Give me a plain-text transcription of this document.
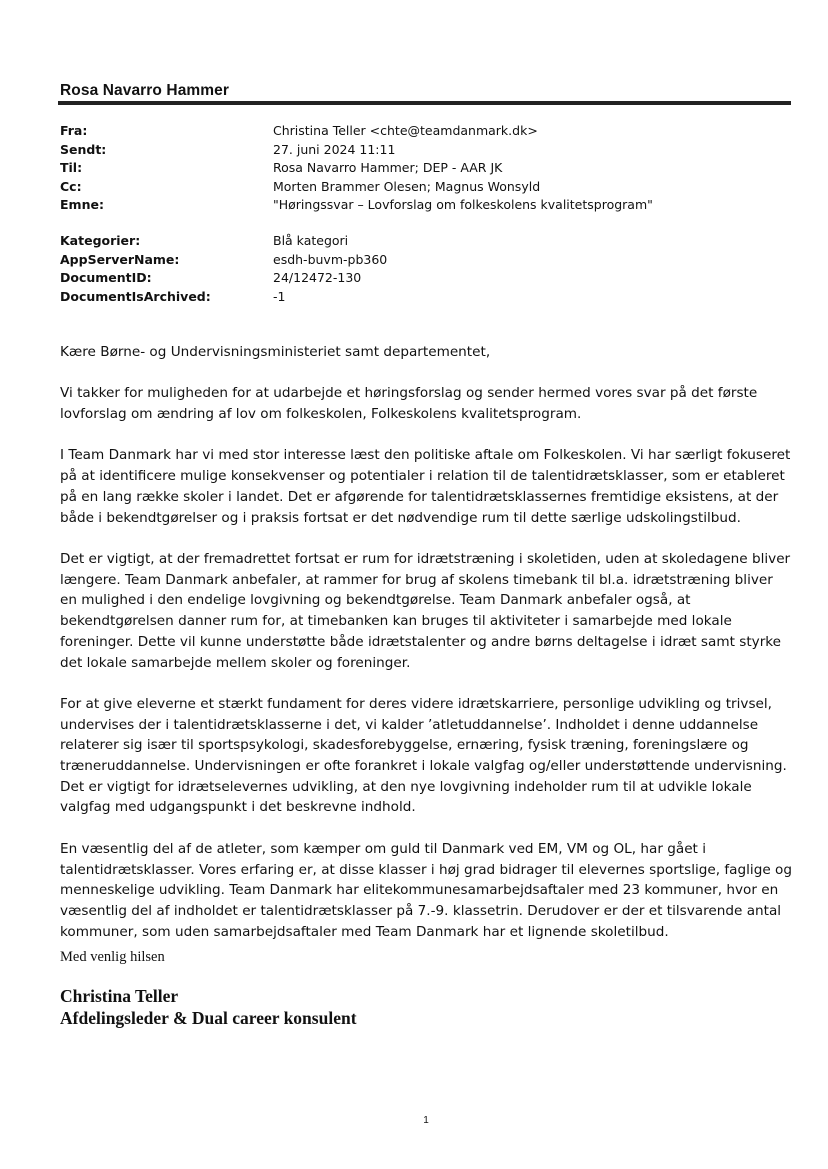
Rosa Navarro Hammer
Fra:	Christina Teller <chte@teamdanmark.dk>
Sendt:	27. juni 2024 11:11
Til:	Rosa Navarro Hammer; DEP - AAR JK
Cc:	Morten Brammer Olesen; Magnus Wonsyld
Emne:	"Høringssvar – Lovforslag om folkeskolens kvalitetsprogram"
Kategorier:	Blå kategori
AppServerName:	esdh-buvm-pb360
DocumentID:	24/12472-130
DocumentIsArchived:	-1

Kære Børne- og Undervisningsministeriet samt departementet,

Vi takker for muligheden for at udarbejde et høringsforslag og sender hermed vores svar på det første
lovforslag om ændring af lov om folkeskolen, Folkeskolens kvalitetsprogram.

I Team Danmark har vi med stor interesse læst den politiske aftale om Folkeskolen. Vi har særligt fokuseret
på at identificere mulige konsekvenser og potentialer i relation til de talentidrætsklasser, som er etableret
på en lang række skoler i landet. Det er afgørende for talentidrætsklassernes fremtidige eksistens, at der
både i bekendtgørelser og i praksis fortsat er det nødvendige rum til dette særlige udskolingstilbud.

Det er vigtigt, at der fremadrettet fortsat er rum for idrætstræning i skoletiden, uden at skoledagene bliver
længere. Team Danmark anbefaler, at rammer for brug af skolens timebank til bl.a. idrætstræning bliver
en mulighed i den endelige lovgivning og bekendtgørelse. Team Danmark anbefaler også, at
bekendtgørelsen danner rum for, at timebanken kan bruges til aktiviteter i samarbejde med lokale
foreninger. Dette vil kunne understøtte både idrætstalenter og andre børns deltagelse i idræt samt styrke
det lokale samarbejde mellem skoler og foreninger.

For at give eleverne et stærkt fundament for deres videre idrætskarriere, personlige udvikling og trivsel,
undervises der i talentidrætsklasserne i det, vi kalder ’atletuddannelse’. Indholdet i denne uddannelse
relaterer sig især til sportspsykologi, skadesforebyggelse, ernæring, fysisk træning, foreningslære og
træneruddannelse. Undervisningen er ofte forankret i lokale valgfag og/eller understøttende undervisning.
Det er vigtigt for idrætselevernes udvikling, at den nye lovgivning indeholder rum til at udvikle lokale
valgfag med udgangspunkt i det beskrevne indhold.

En væsentlig del af de atleter, som kæmper om guld til Danmark ved EM, VM og OL, har gået i
talentidrætsklasser. Vores erfaring er, at disse klasser i høj grad bidrager til elevernes sportslige, faglige og
menneskelige udvikling. Team Danmark har elitekommunesamarbejdsaftaler med 23 kommuner, hvor en
væsentlig del af indholdet er talentidrætsklasser på 7.-9. klassetrin. Derudover er der et tilsvarende antal
kommuner, som uden samarbejdsaftaler med Team Danmark har et lignende skoletilbud.

Med venlig hilsen
Christina Teller
Afdelingsleder & Dual career konsulent
1
